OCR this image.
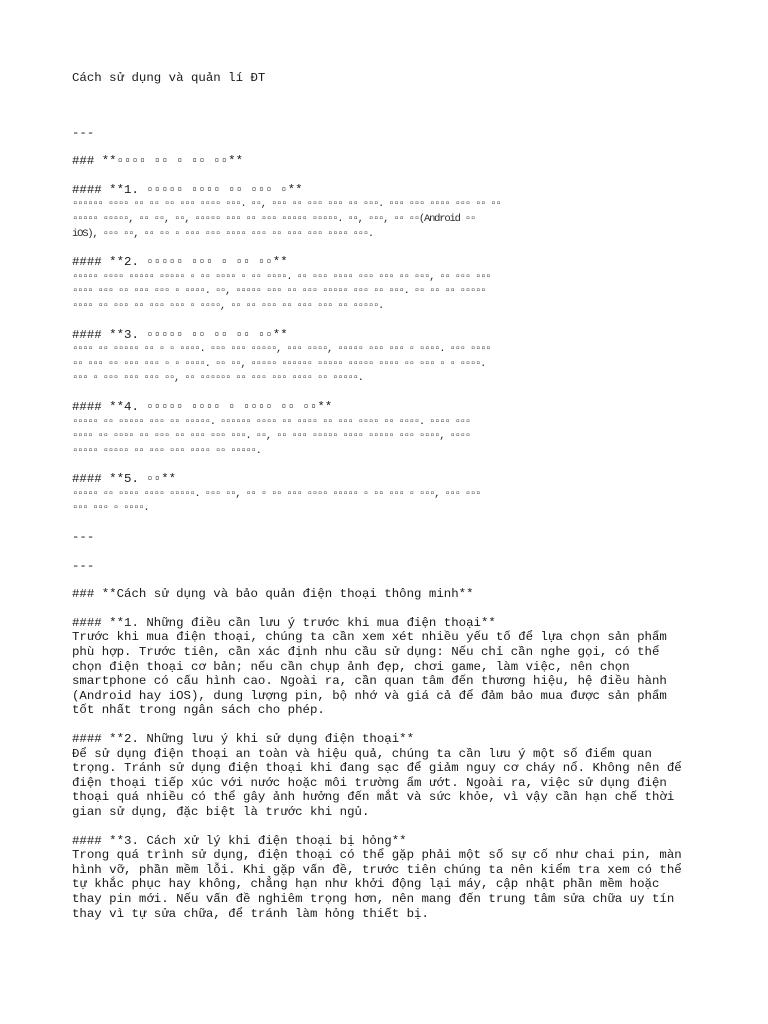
Cách sử dụng và quản lí ĐT
---
### **▫▫▫▫ ▫▫ ▫ ▫▫ ▫▫**
#### **1. ▫▫▫▫▫ ▫▫▫▫ ▫▫ ▫▫▫ ▫**
▫▫▫▫▫▫ ▫▫▫▫ ▫▫ ▫▫ ▫▫ ▫▫▫ ▫▫▫▫ ▫▫▫. ▫▫, ▫▫▫ ▫▫ ▫▫▫ ▫▫▫ ▫▫ ▫▫▫. ▫▫▫ ▫▫▫ ▫▫▫▫ ▫▫▫ ▫▫ ▫▫
▫▫▫▫▫ ▫▫▫▫▫, ▫▫ ▫▫, ▫▫, ▫▫▫▫▫ ▫▫▫ ▫▫ ▫▫▫ ▫▫▫▫▫ ▫▫▫▫▫. ▫▫, ▫▫▫, ▫▫ ▫▫(Android ▫▫
iOS), ▫▫▫ ▫▫, ▫▫ ▫▫ ▫ ▫▫▫ ▫▫▫ ▫▫▫▫ ▫▫▫ ▫▫ ▫▫▫ ▫▫▫ ▫▫▫▫ ▫▫▫.
#### **2. ▫▫▫▫▫ ▫▫▫ ▫ ▫▫ ▫▫**
▫▫▫▫▫ ▫▫▫▫ ▫▫▫▫▫ ▫▫▫▫▫ ▫ ▫▫ ▫▫▫▫ ▫ ▫▫ ▫▫▫▫. ▫▫ ▫▫▫ ▫▫▫▫ ▫▫▫ ▫▫▫ ▫▫ ▫▫▫, ▫▫ ▫▫▫ ▫▫▫
▫▫▫▫ ▫▫▫ ▫▫ ▫▫▫ ▫▫▫ ▫ ▫▫▫▫. ▫▫, ▫▫▫▫▫ ▫▫▫ ▫▫ ▫▫▫ ▫▫▫▫▫ ▫▫▫ ▫▫ ▫▫▫. ▫▫ ▫▫ ▫▫ ▫▫▫▫▫
▫▫▫▫ ▫▫ ▫▫▫ ▫▫ ▫▫▫ ▫▫▫ ▫ ▫▫▫▫, ▫▫ ▫▫ ▫▫▫ ▫▫ ▫▫▫ ▫▫▫ ▫▫ ▫▫▫▫▫.
#### **3. ▫▫▫▫▫ ▫▫ ▫▫ ▫▫ ▫▫**
▫▫▫▫ ▫▫ ▫▫▫▫▫ ▫▫ ▫ ▫ ▫▫▫▫. ▫▫▫ ▫▫▫ ▫▫▫▫▫, ▫▫▫ ▫▫▫▫, ▫▫▫▫▫ ▫▫▫ ▫▫▫ ▫ ▫▫▫▫. ▫▫▫ ▫▫▫▫
▫▫ ▫▫▫ ▫▫ ▫▫▫ ▫▫▫ ▫ ▫ ▫▫▫▫. ▫▫ ▫▫, ▫▫▫▫▫ ▫▫▫▫▫▫ ▫▫▫▫▫ ▫▫▫▫▫ ▫▫▫▫ ▫▫ ▫▫▫ ▫ ▫ ▫▫▫▫.
▫▫▫ ▫ ▫▫▫ ▫▫▫ ▫▫▫ ▫▫, ▫▫ ▫▫▫▫▫▫ ▫▫ ▫▫▫ ▫▫▫ ▫▫▫▫ ▫▫ ▫▫▫▫▫.
#### **4. ▫▫▫▫▫ ▫▫▫▫ ▫ ▫▫▫▫ ▫▫ ▫▫**
▫▫▫▫▫ ▫▫ ▫▫▫▫▫ ▫▫▫ ▫▫ ▫▫▫▫▫. ▫▫▫▫▫▫ ▫▫▫▫ ▫▫ ▫▫▫▫ ▫▫ ▫▫▫ ▫▫▫▫ ▫▫ ▫▫▫▫. ▫▫▫▫ ▫▫▫
▫▫▫▫ ▫▫ ▫▫▫▫ ▫▫ ▫▫▫ ▫▫ ▫▫▫ ▫▫▫ ▫▫▫. ▫▫, ▫▫ ▫▫▫ ▫▫▫▫▫ ▫▫▫▫ ▫▫▫▫▫ ▫▫▫ ▫▫▫▫, ▫▫▫▫
▫▫▫▫▫ ▫▫▫▫▫ ▫▫ ▫▫▫ ▫▫▫ ▫▫▫▫ ▫▫ ▫▫▫▫▫.
#### **5. ▫▫**
▫▫▫▫▫ ▫▫ ▫▫▫▫ ▫▫▫▫ ▫▫▫▫▫. ▫▫▫ ▫▫, ▫▫ ▫ ▫▫ ▫▫▫ ▫▫▫▫ ▫▫▫▫▫ ▫ ▫▫ ▫▫▫ ▫ ▫▫▫, ▫▫▫ ▫▫▫
▫▫▫ ▫▫▫ ▫ ▫▫▫▫.
---
---
### **Cách sử dụng và bảo quản điện thoại thông minh**
#### **1. Những điều cần lưu ý trước khi mua điện thoại**
Trước khi mua điện thoại, chúng ta cần xem xét nhiều yếu tố để lựa chọn sản phẩm
phù hợp. Trước tiên, cần xác định nhu cầu sử dụng: Nếu chỉ cần nghe gọi, có thể
chọn điện thoại cơ bản; nếu cần chụp ảnh đẹp, chơi game, làm việc, nên chọn
smartphone có cấu hình cao. Ngoài ra, cần quan tâm đến thương hiệu, hệ điều hành
(Android hay iOS), dung lượng pin, bộ nhớ và giá cả để đảm bảo mua được sản phẩm
tốt nhất trong ngân sách cho phép.
#### **2. Những lưu ý khi sử dụng điện thoại**
Để sử dụng điện thoại an toàn và hiệu quả, chúng ta cần lưu ý một số điểm quan
trọng. Tránh sử dụng điện thoại khi đang sạc để giảm nguy cơ cháy nổ. Không nên để
điện thoại tiếp xúc với nước hoặc môi trường ẩm ướt. Ngoài ra, việc sử dụng điện
thoại quá nhiều có thể gây ảnh hưởng đến mắt và sức khỏe, vì vậy cần hạn chế thời
gian sử dụng, đặc biệt là trước khi ngủ.
#### **3. Cách xử lý khi điện thoại bị hỏng**
Trong quá trình sử dụng, điện thoại có thể gặp phải một số sự cố như chai pin, màn
hình vỡ, phần mềm lỗi. Khi gặp vấn đề, trước tiên chúng ta nên kiểm tra xem có thể
tự khắc phục hay không, chẳng hạn như khởi động lại máy, cập nhật phần mềm hoặc
thay pin mới. Nếu vấn đề nghiêm trọng hơn, nên mang đến trung tâm sửa chữa uy tín
thay vì tự sửa chữa, để tránh làm hỏng thiết bị.
